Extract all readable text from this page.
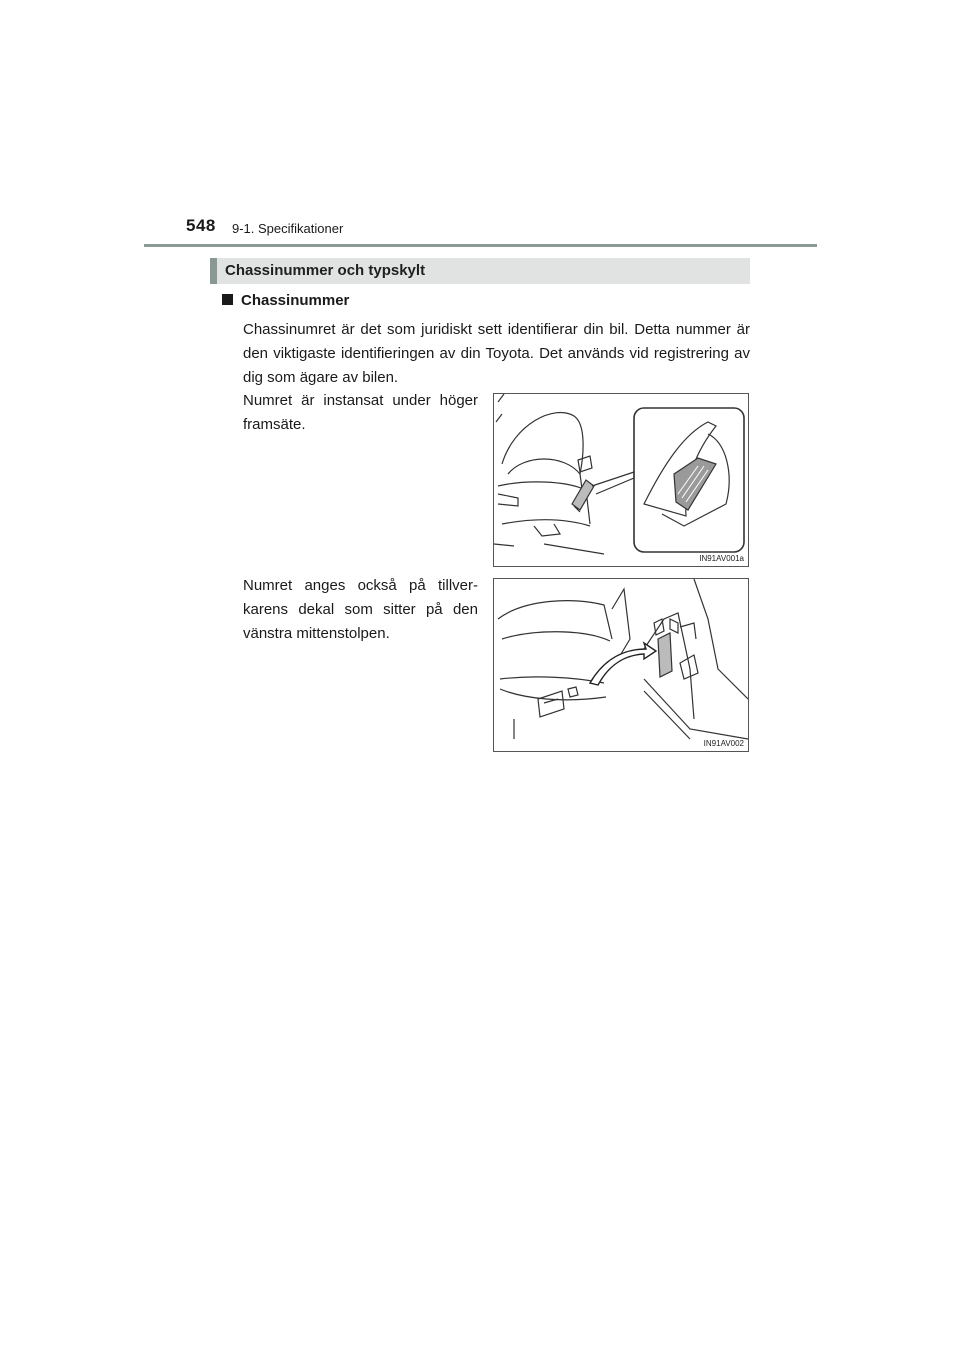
548 9-1. Specifikationer
Chassinummer och typskylt
Chassinummer
Chassinumret är det som juridiskt sett identifierar din bil. Detta nummer är den viktigaste identifieringen av din Toyota. Det används vid registrering av dig som ägare av bilen.
Numret är instansat under höger framsäte.
Numret anges också på tillver-karens dekal som sitter på den vänstra mittenstolpen.
IN91AV001a
IN91AV002
